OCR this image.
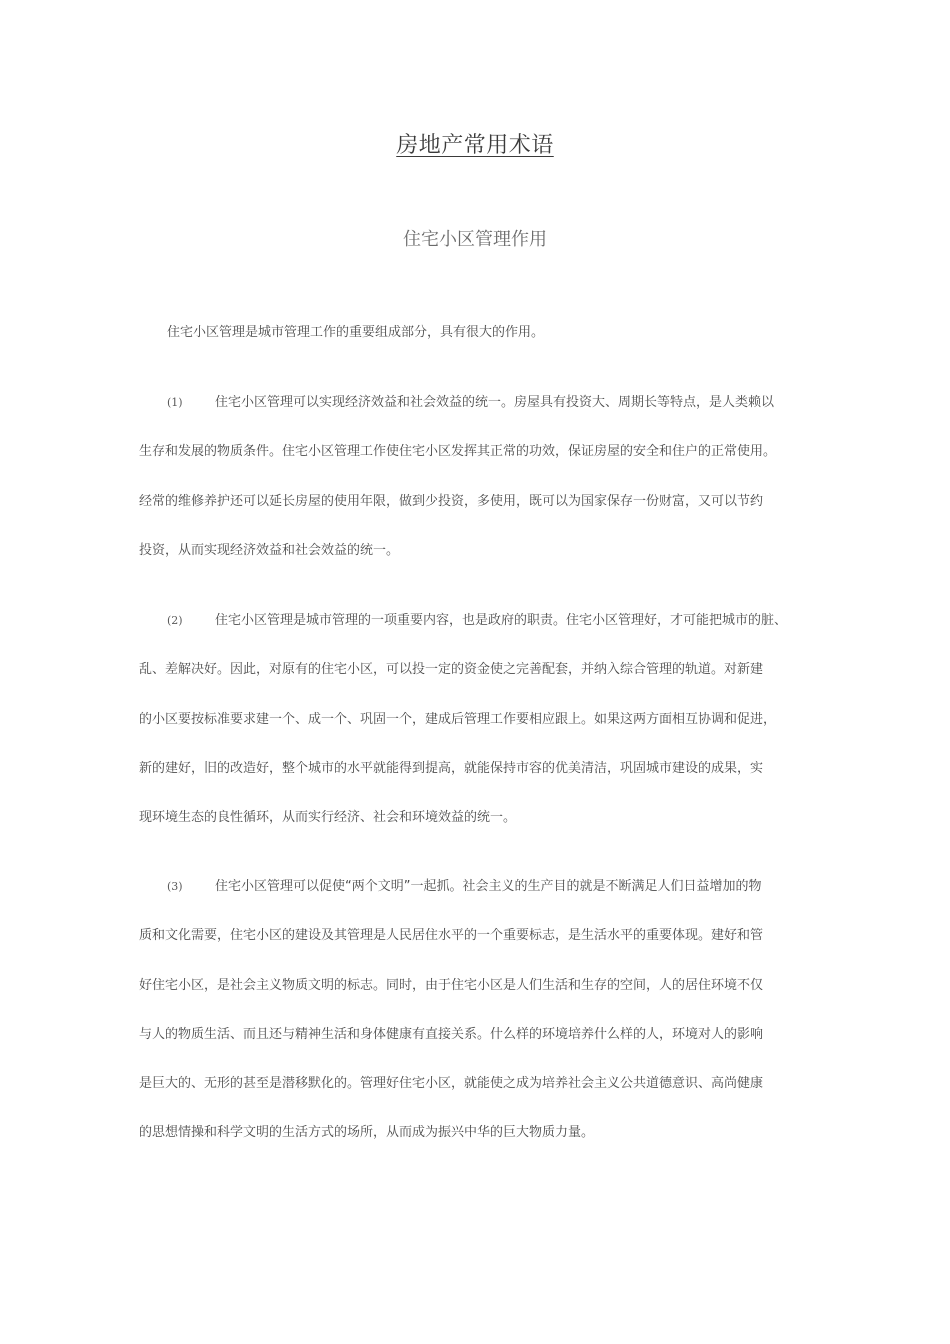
房地产常用术语
住宅小区管理作用

住宅小区管理是城市管理工作的重要组成部分，具有很大的作用。

(1) 住宅小区管理可以实现经济效益和社会效益的统一。房屋具有投资大、周期长等特点，是人类赖以
生存和发展的物质条件。住宅小区管理工作使住宅小区发挥其正常的功效，保证房屋的安全和住户的正常使用。
经常的维修养护还可以延长房屋的使用年限，做到少投资，多使用，既可以为国家保存一份财富，又可以节约
投资，从而实现经济效益和社会效益的统一。
(2) 住宅小区管理是城市管理的一项重要内容，也是政府的职责。住宅小区管理好，才可能把城市的脏、
乱、差解决好。因此，对原有的住宅小区，可以投一定的资金使之完善配套，并纳入综合管理的轨道。对新建
的小区要按标准要求建一个、成一个、巩固一个，建成后管理工作要相应跟上。如果这两方面相互协调和促进，
新的建好，旧的改造好，整个城市的水平就能得到提高，就能保持市容的优美清洁，巩固城市建设的成果，实
现环境生态的良性循环，从而实行经济、社会和环境效益的统一。
(3) 住宅小区管理可以促使“两个文明”一起抓。社会主义的生产目的就是不断满足人们日益增加的物
质和文化需要，住宅小区的建设及其管理是人民居住水平的一个重要标志，是生活水平的重要体现。建好和管
好住宅小区，是社会主义物质文明的标志。同时，由于住宅小区是人们生活和生存的空间，人的居住环境不仅
与人的物质生活、而且还与精神生活和身体健康有直接关系。什么样的环境培养什么样的人，环境对人的影响
是巨大的、无形的甚至是潜移默化的。管理好住宅小区，就能使之成为培养社会主义公共道德意识、高尚健康
的思想情操和科学文明的生活方式的场所，从而成为振兴中华的巨大物质力量。
